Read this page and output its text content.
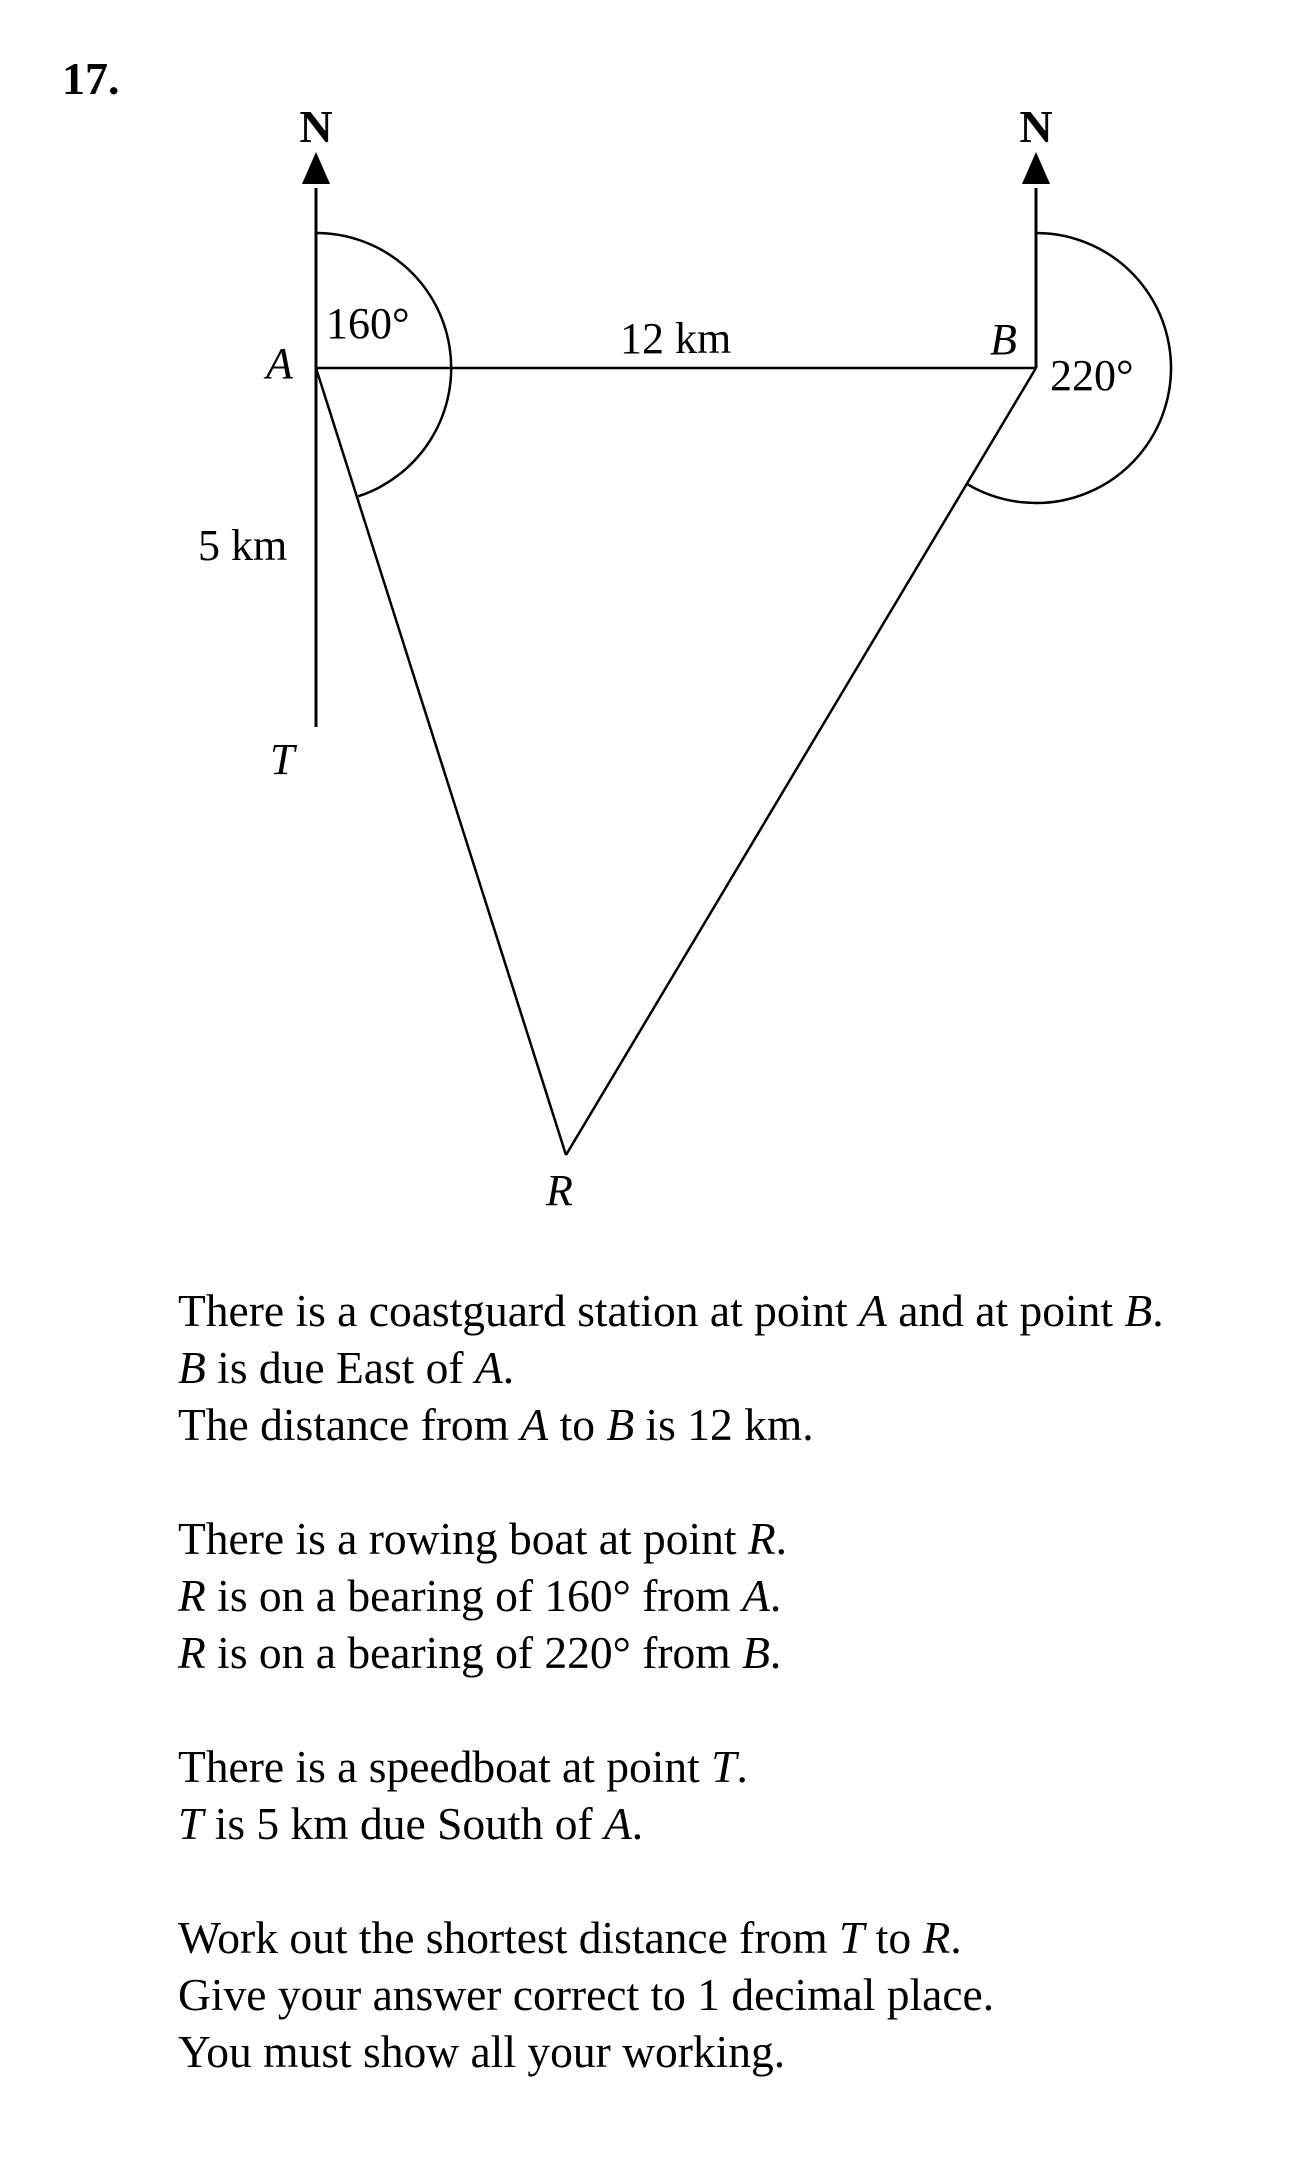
17.
N	N
A	B
T
R
160°
220°
12 km
5 km

There is a coastguard station at point A and at point B.
B is due East of A.
The distance from A to B is 12 km.

There is a rowing boat at point R.
R is on a bearing of 160° from A.
R is on a bearing of 220° from B.

There is a speedboat at point T.
T is 5 km due South of A.

Work out the shortest distance from T to R.
Give your answer correct to 1 decimal place.
You must show all your working.
